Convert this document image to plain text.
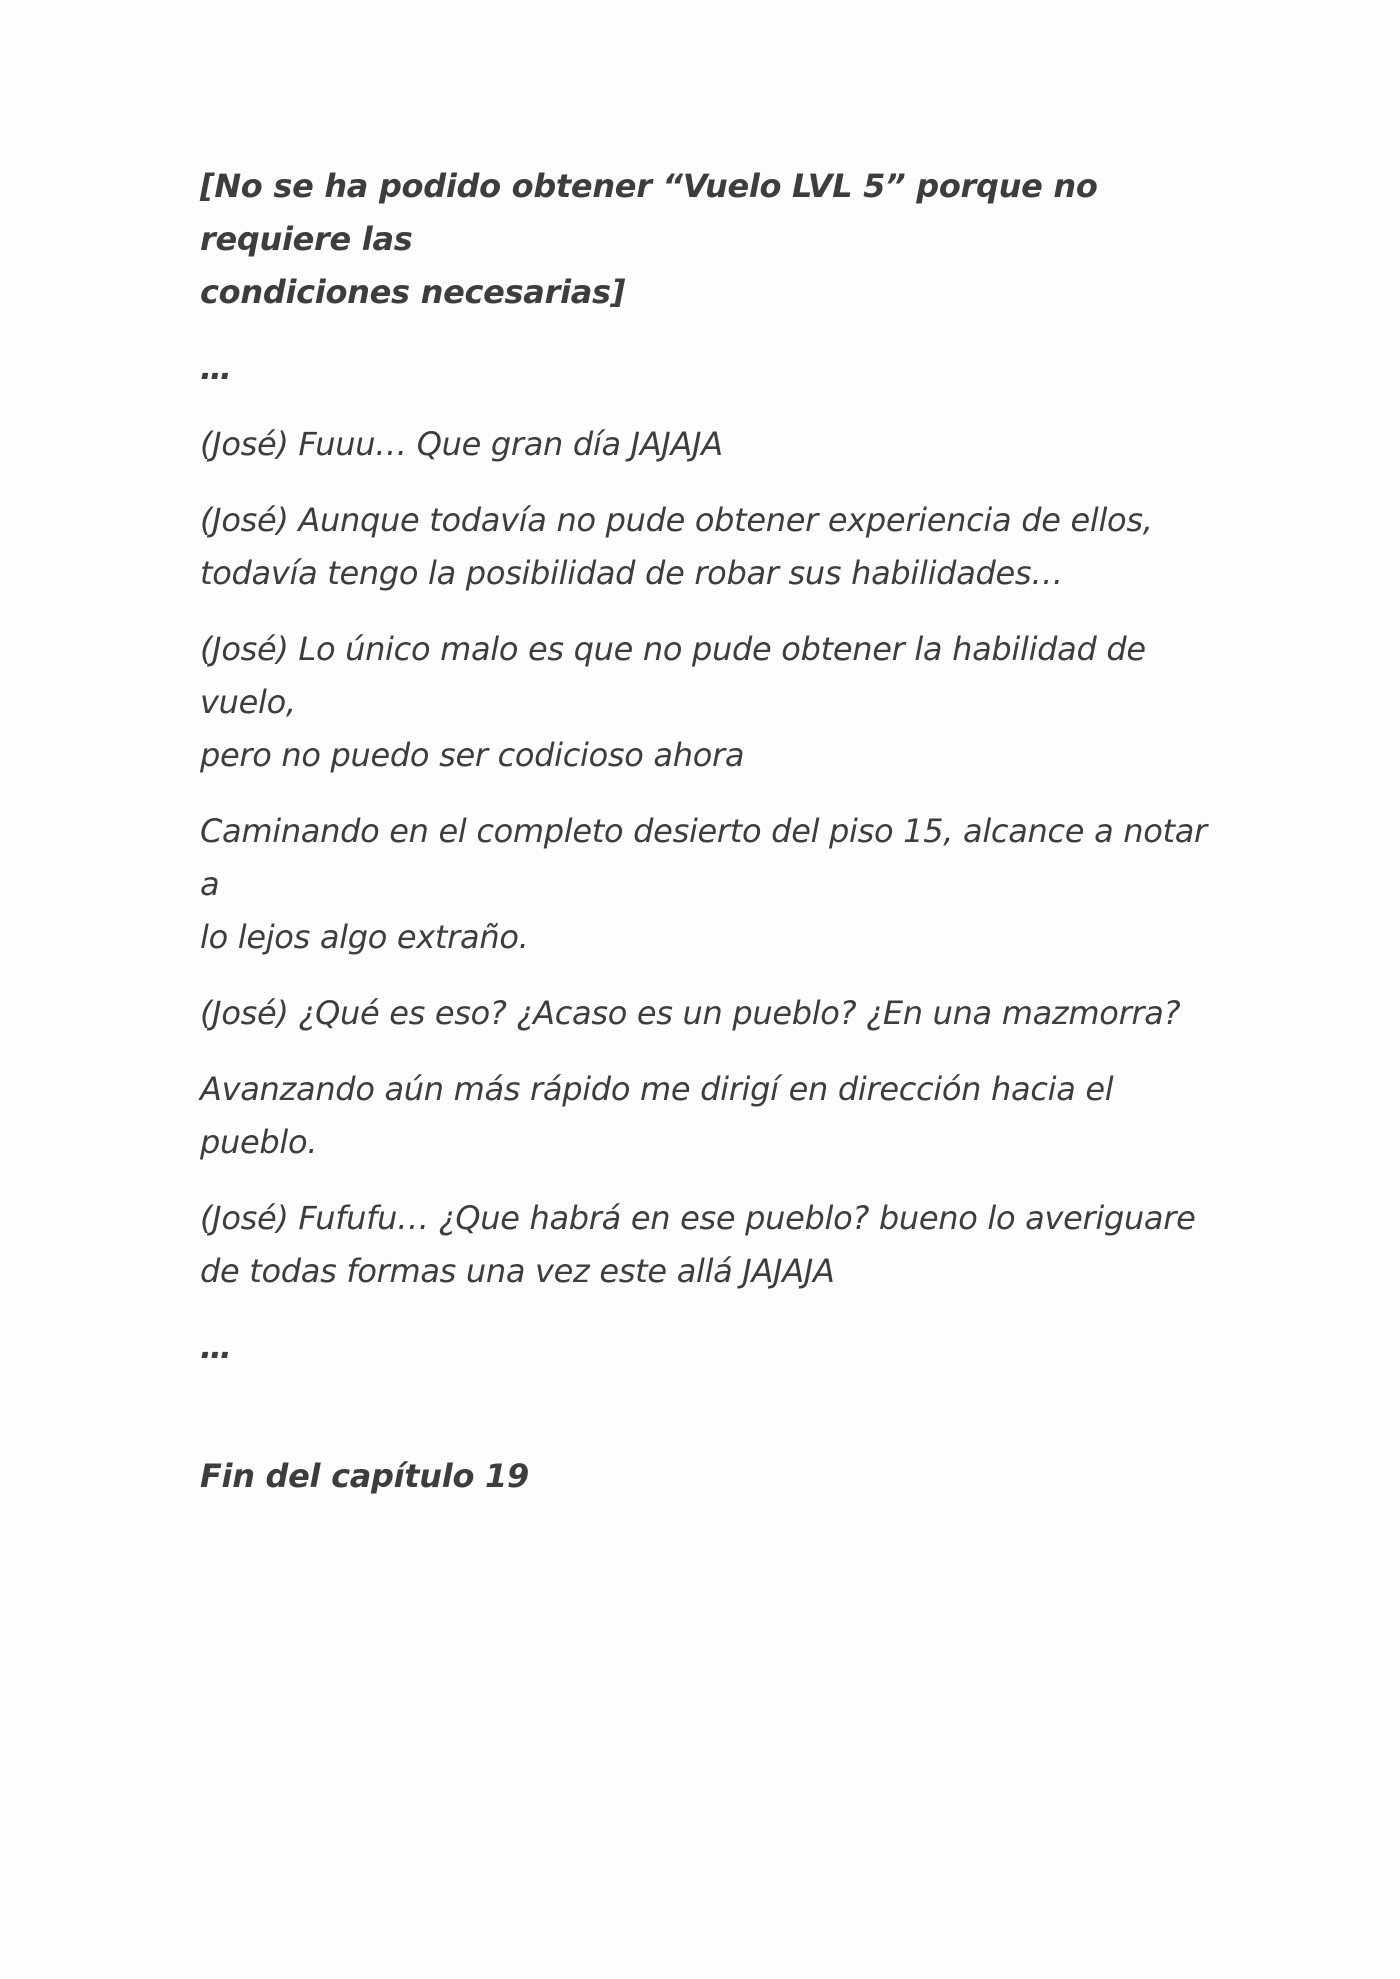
[No se ha podido obtener “Vuelo LVL 5” porque no requiere las
condiciones necesarias]

…

(José) Fuuu… Que gran día JAJAJA

(José) Aunque todavía no pude obtener experiencia de ellos,
todavía tengo la posibilidad de robar sus habilidades…

(José) Lo único malo es que no pude obtener la habilidad de vuelo,
pero no puedo ser codicioso ahora

Caminando en el completo desierto del piso 15, alcance a notar a
lo lejos algo extraño.

(José) ¿Qué es eso? ¿Acaso es un pueblo? ¿En una mazmorra?

Avanzando aún más rápido me dirigí en dirección hacia el pueblo.

(José) Fufufu… ¿Que habrá en ese pueblo? bueno lo averiguare
de todas formas una vez este allá JAJAJA

…

Fin del capítulo 19
